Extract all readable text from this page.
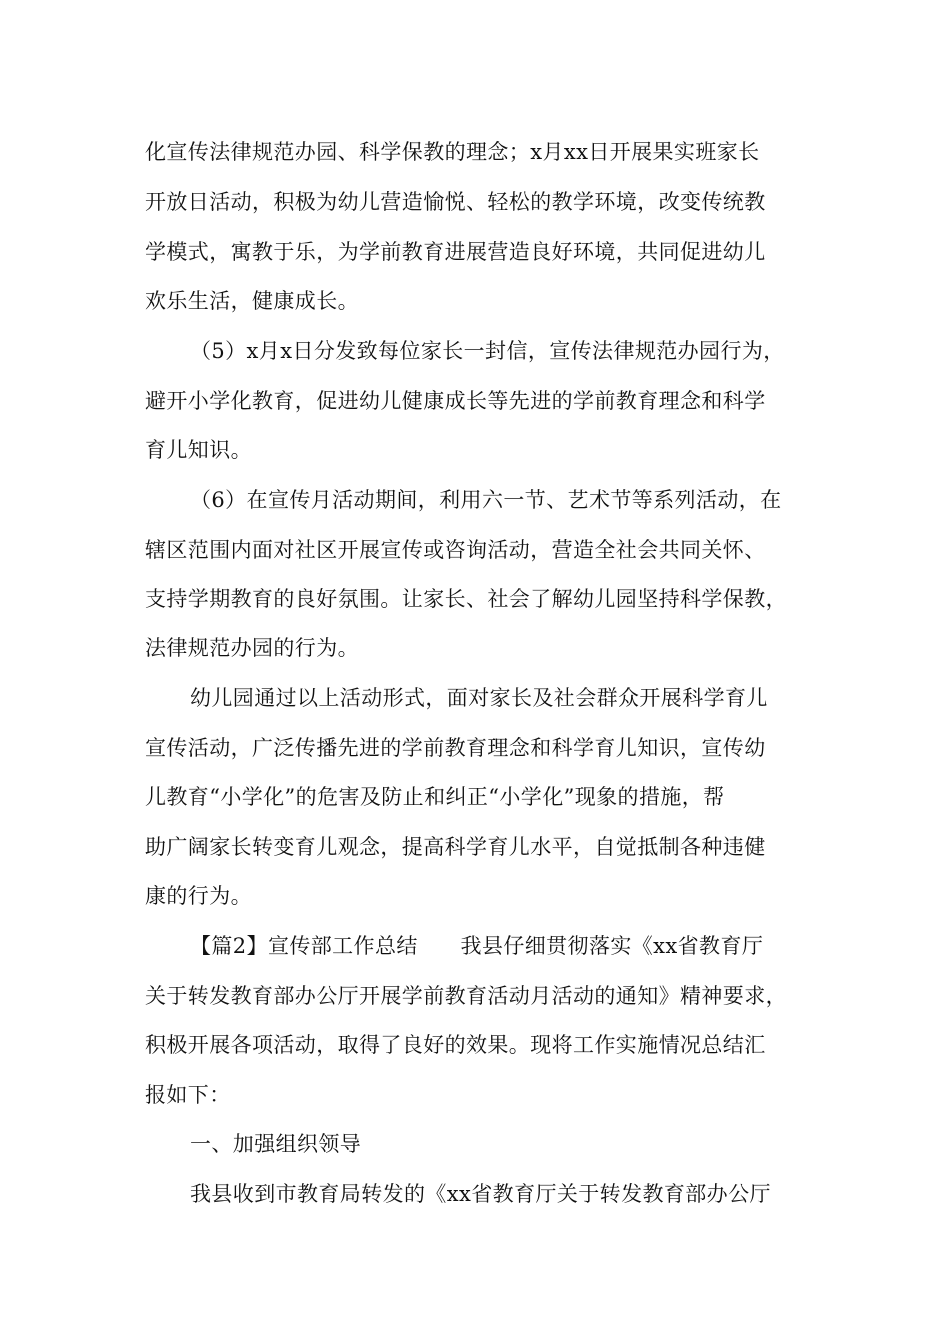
化宣传法律规范办园、科学保教的理念；x月xx日开展果实班家长
开放日活动，积极为幼儿营造愉悦、轻松的教学环境，改变传统教
学模式，寓教于乐，为学前教育进展营造良好环境，共同促进幼儿
欢乐生活，健康成长。
（5）x月x日分发致每位家长一封信，宣传法律规范办园行为，
避开小学化教育，促进幼儿健康成长等先进的学前教育理念和科学
育儿知识。
（6）在宣传月活动期间，利用六一节、艺术节等系列活动，在
辖区范围内面对社区开展宣传或咨询活动，营造全社会共同关怀、
支持学期教育的良好氛围。让家长、社会了解幼儿园坚持科学保教，
法律规范办园的行为。
幼儿园通过以上活动形式，面对家长及社会群众开展科学育儿
宣传活动，广泛传播先进的学前教育理念和科学育儿知识，宣传幼
儿教育“小学化”的危害及防止和纠正“小学化”现象的措施，帮
助广阔家长转变育儿观念，提高科学育儿水平，自觉抵制各种违健
康的行为。
【篇2】宣传部工作总结　　我县仔细贯彻落实《xx省教育厅
关于转发教育部办公厅开展学前教育活动月活动的通知》精神要求，
积极开展各项活动，取得了良好的效果。现将工作实施情况总结汇
报如下：
一、加强组织领导
我县收到市教育局转发的《xx省教育厅关于转发教育部办公厅
